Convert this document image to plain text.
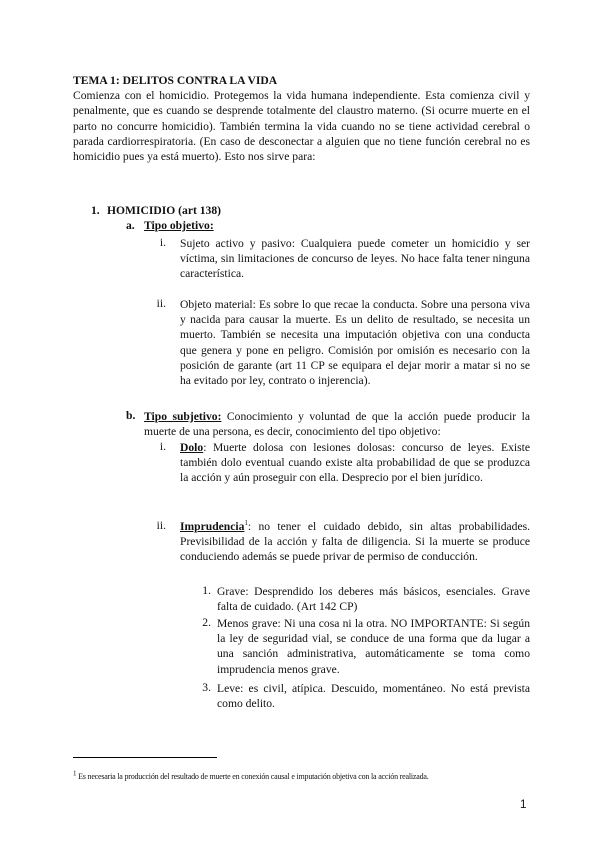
TEMA 1: DELITOS CONTRA LA VIDA
Comienza con el homicidio. Protegemos la vida humana independiente. Esta comienza civil y penalmente, que es cuando se desprende totalmente del claustro materno. (Si ocurre muerte en el parto no concurre homicidio). También termina la vida cuando no se tiene actividad cerebral o parada cardiorrespiratoria. (En caso de desconectar a alguien que no tiene función cerebral no es homicidio pues ya está muerto). Esto nos sirve para:
1. HOMICIDIO (art 138)
a. Tipo objetivo:
i. Sujeto activo y pasivo: Cualquiera puede cometer un homicidio y ser víctima, sin limitaciones de concurso de leyes. No hace falta tener ninguna característica.

ii. Objeto material: Es sobre lo que recae la conducta. Sobre una persona viva y nacida para causar la muerte. Es un delito de resultado, se necesita un muerto. También se necesita una imputación objetiva con una conducta que genera y pone en peligro. Comisión por omisión es necesario con la posición de garante (art 11 CP se equipara el dejar morir a matar si no se ha evitado por ley, contrato o injerencia).

b. Tipo subjetivo: Conocimiento y voluntad de que la acción puede producir la muerte de una persona, es decir, conocimiento del tipo objetivo:

i. Dolo: Muerte dolosa con lesiones dolosas: concurso de leyes. Existe también dolo eventual cuando existe alta probabilidad de que se produzca la acción y aún proseguir con ella. Desprecio por el bien jurídico.

ii. Imprudencia$^1$: no tener el cuidado debido, sin altas probabilidades. Previsibilidad de la acción y falta de diligencia. Si la muerte se produce conduciendo además se puede privar de permiso de conducción.

1. Grave: Desprendido los deberes más básicos, esenciales. Grave falta de cuidado. (Art 142 CP)

2. Menos grave: Ni una cosa ni la otra. NO IMPORTANTE: Si según la ley de seguridad vial, se conduce de una forma que da lugar a una sanción administrativa, automáticamente se toma como imprudencia menos grave.

3. Leve: es civil, atípica. Descuido, momentáneo. No está prevista como delito.

$^1$ Es necesaria la producción del resultado de muerte en conexión causal e imputación objetiva con la acción realizada.

1
